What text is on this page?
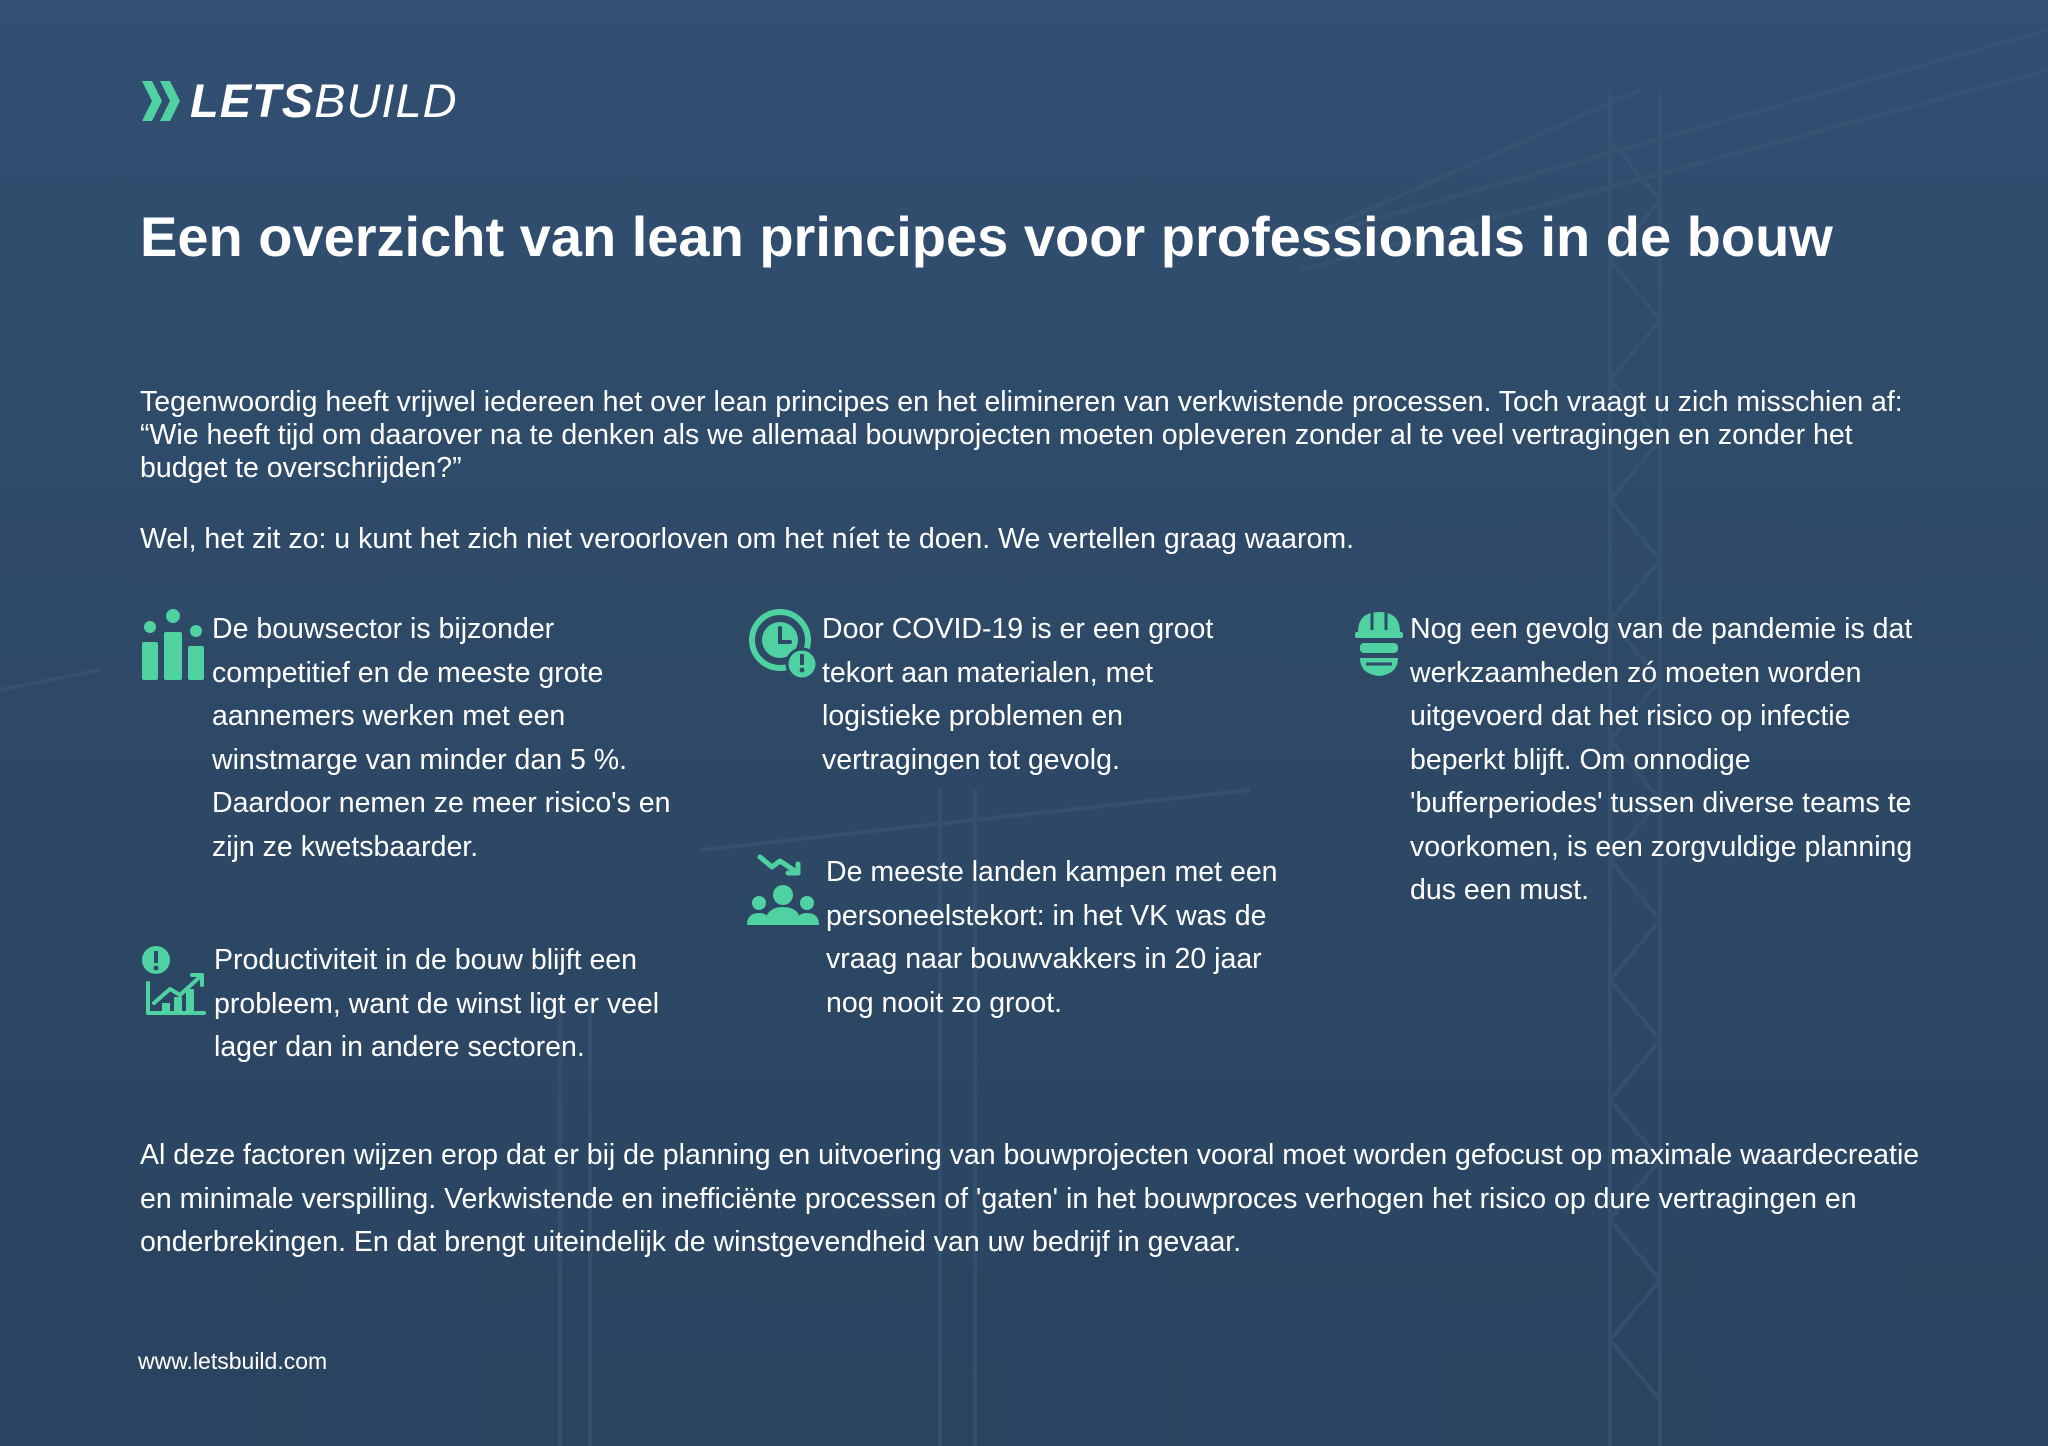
LETSBUILD
Een overzicht van lean principes voor professionals in de bouw

Tegenwoordig heeft vrijwel iedereen het over lean principes en het elimineren van verkwistende processen. Toch vraagt u zich misschien af: “Wie heeft tijd om daarover na te denken als we allemaal bouwprojecten moeten opleveren zonder al te veel vertragingen en zonder het budget te overschrijden?”

Wel, het zit zo: u kunt het zich niet veroorloven om het níet te doen. We vertellen graag waarom.

De bouwsector is bijzonder competitief en de meeste grote aannemers werken met een winstmarge van minder dan 5 %. Daardoor nemen ze meer risico's en zijn ze kwetsbaarder.

Productiviteit in de bouw blijft een probleem, want de winst ligt er veel lager dan in andere sectoren.

Door COVID-19 is er een groot tekort aan materialen, met logistieke problemen en vertragingen tot gevolg.

De meeste landen kampen met een personeelstekort: in het VK was de vraag naar bouwvakkers in 20 jaar nog nooit zo groot.

Nog een gevolg van de pandemie is dat werkzaamheden zó moeten worden uitgevoerd dat het risico op infectie beperkt blijft. Om onnodige 'bufferperiodes' tussen diverse teams te voorkomen, is een zorgvuldige planning dus een must.

Al deze factoren wijzen erop dat er bij de planning en uitvoering van bouwprojecten vooral moet worden gefocust op maximale waardecreatie en minimale verspilling. Verkwistende en inefficiënte processen of 'gaten' in het bouwproces verhogen het risico op dure vertragingen en onderbrekingen. En dat brengt uiteindelijk de winstgevendheid van uw bedrijf in gevaar.

www.letsbuild.com
